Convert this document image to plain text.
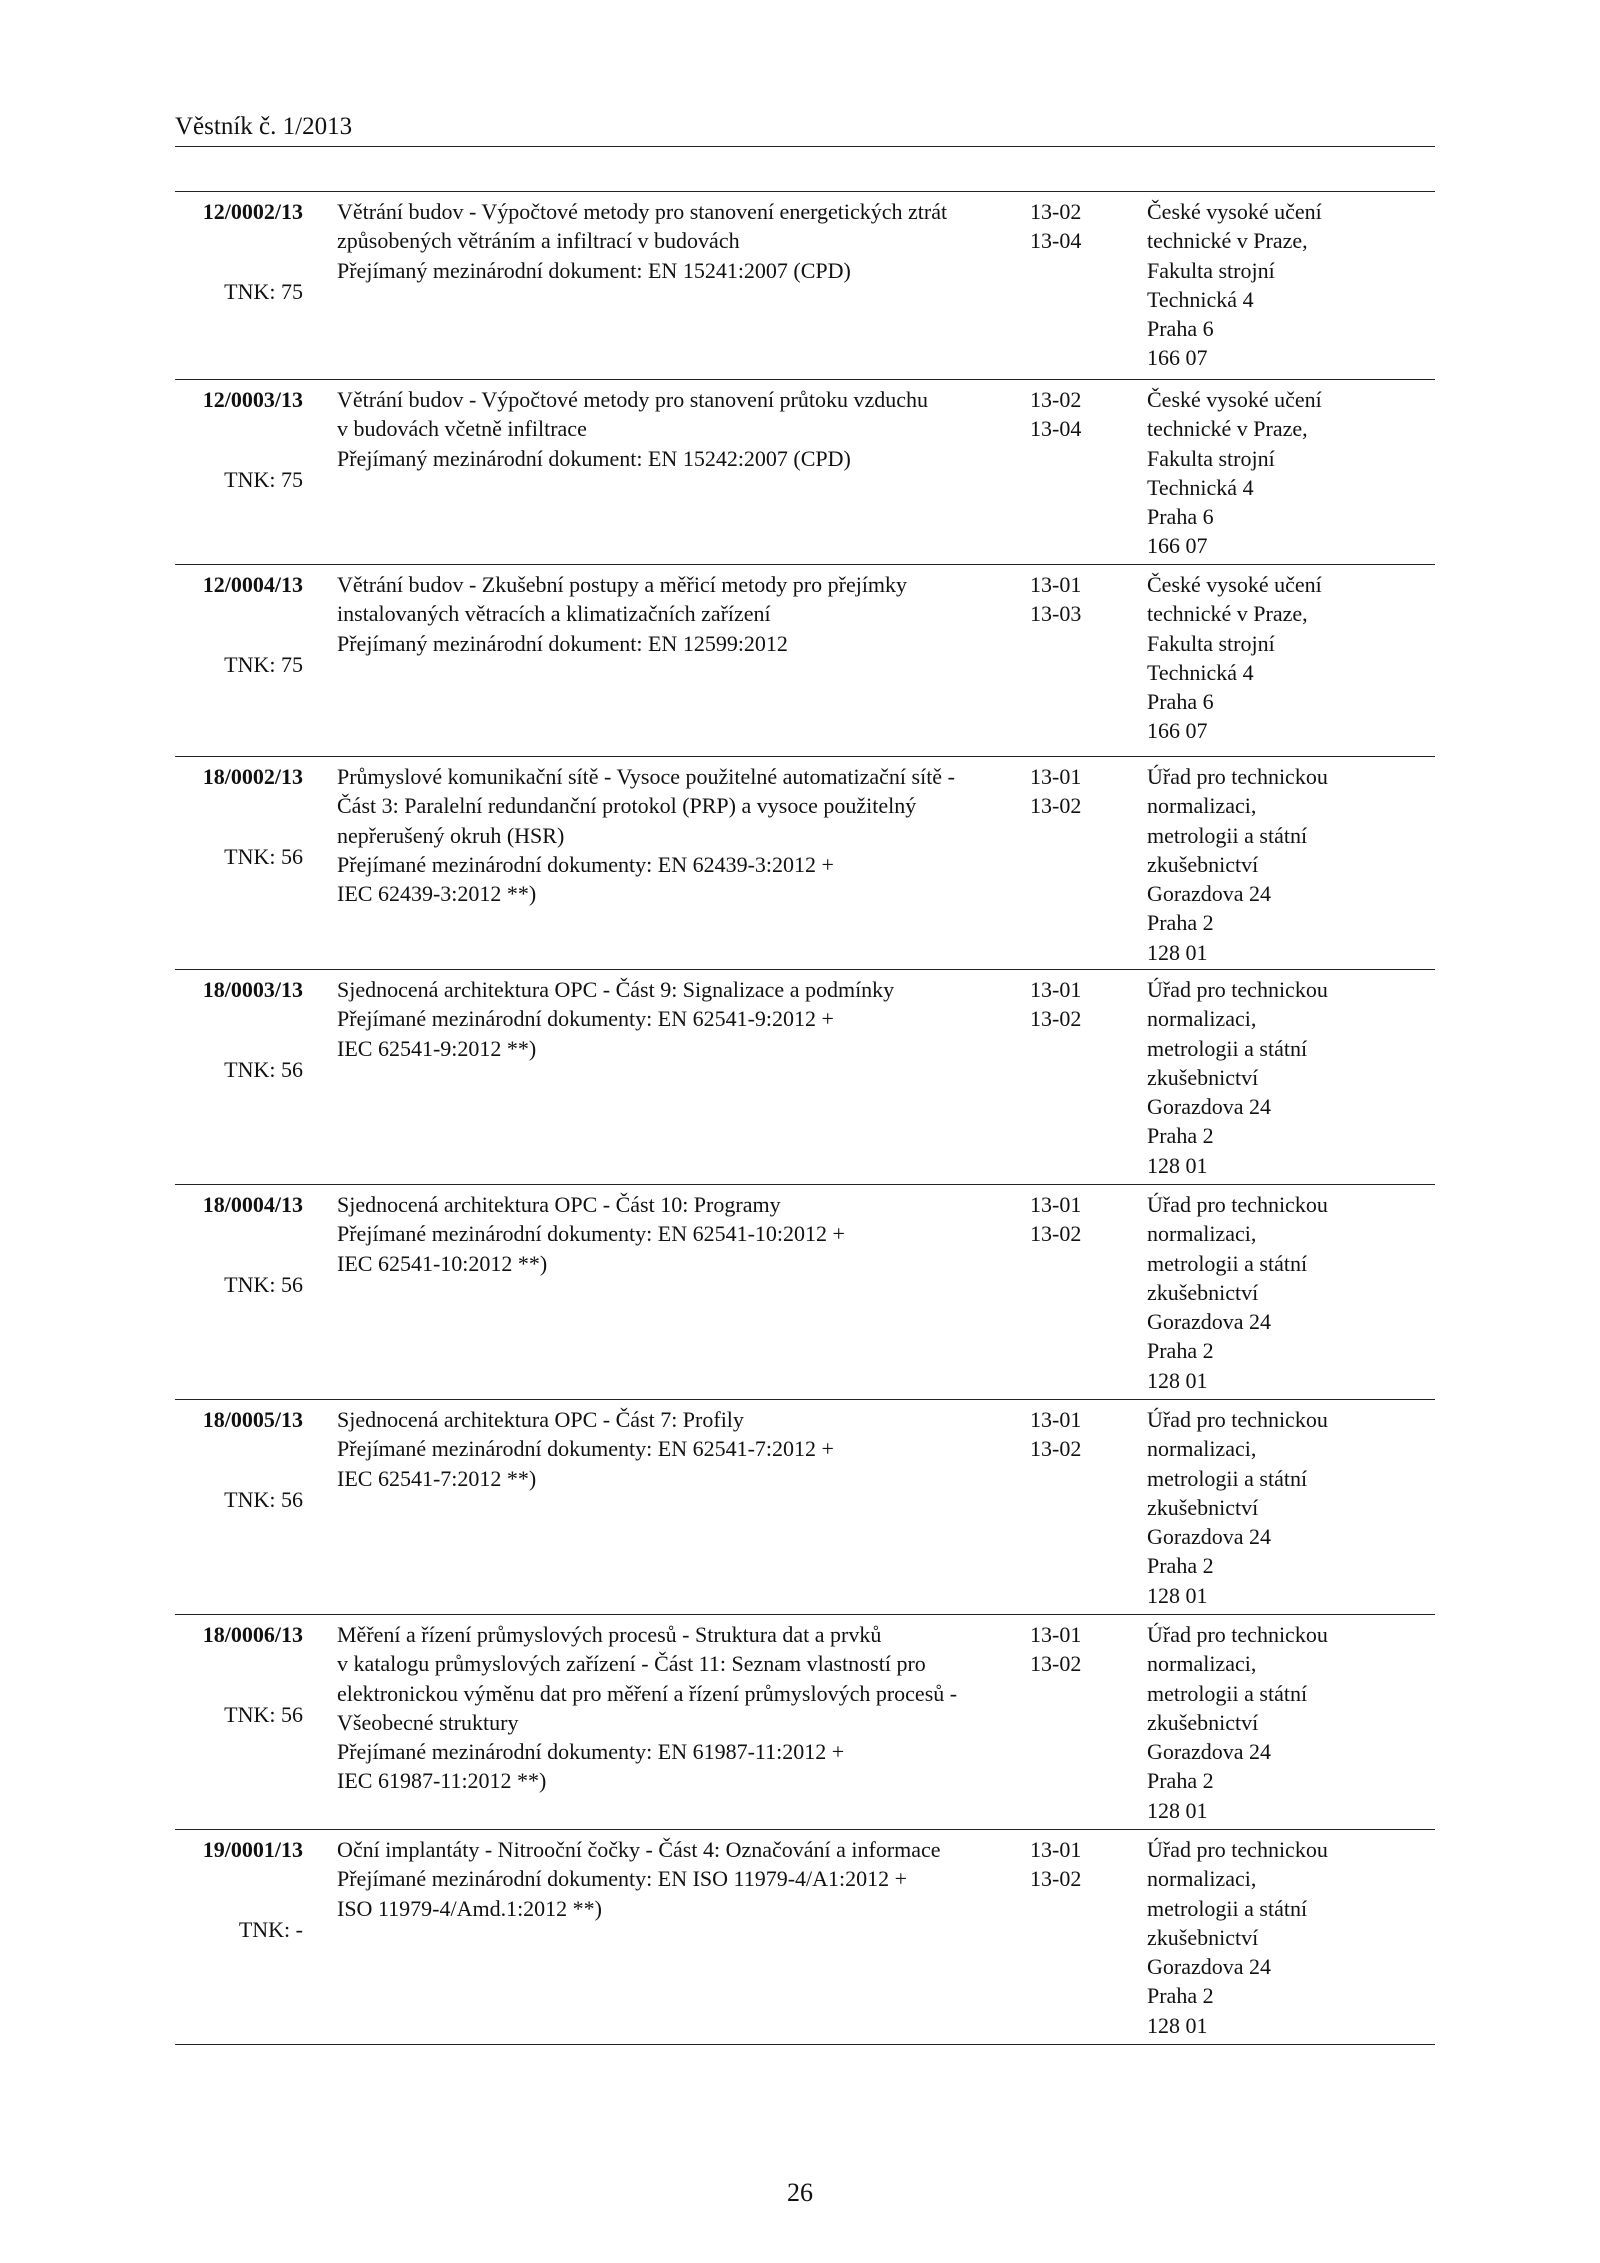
Věstník č. 1/2013
12/0002/13
TNK: 75
Větrání budov - Výpočtové metody pro stanovení energetických ztrát
způsobených větráním a infiltrací v budovách
Přejímaný mezinárodní dokument: EN 15241:2007 (CPD)
13-02
13-04
České vysoké učení
technické v Praze,
Fakulta strojní
Technická 4
Praha 6
166 07
12/0003/13
TNK: 75
Větrání budov - Výpočtové metody pro stanovení průtoku vzduchu
v budovách včetně infiltrace
Přejímaný mezinárodní dokument: EN 15242:2007 (CPD)
13-02
13-04
České vysoké učení
technické v Praze,
Fakulta strojní
Technická 4
Praha 6
166 07
12/0004/13
TNK: 75
Větrání budov - Zkušební postupy a měřicí metody pro přejímky
instalovaných větracích a klimatizačních zařízení
Přejímaný mezinárodní dokument: EN 12599:2012
13-01
13-03
České vysoké učení
technické v Praze,
Fakulta strojní
Technická 4
Praha 6
166 07
18/0002/13
TNK: 56
Průmyslové komunikační sítě - Vysoce použitelné automatizační sítě -
Část 3: Paralelní redundanční protokol (PRP) a vysoce použitelný
nepřerušený okruh (HSR)
Přejímané mezinárodní dokumenty: EN 62439-3:2012 +
IEC 62439-3:2012 **)
13-01
13-02
Úřad pro technickou
normalizaci,
metrologii a státní
zkušebnictví
Gorazdova 24
Praha 2
128 01
18/0003/13
TNK: 56
Sjednocená architektura OPC - Část 9: Signalizace a podmínky
Přejímané mezinárodní dokumenty: EN 62541-9:2012 +
IEC 62541-9:2012 **)
13-01
13-02
Úřad pro technickou
normalizaci,
metrologii a státní
zkušebnictví
Gorazdova 24
Praha 2
128 01
18/0004/13
TNK: 56
Sjednocená architektura OPC - Část 10: Programy
Přejímané mezinárodní dokumenty: EN 62541-10:2012 +
IEC 62541-10:2012 **)
13-01
13-02
Úřad pro technickou
normalizaci,
metrologii a státní
zkušebnictví
Gorazdova 24
Praha 2
128 01
18/0005/13
TNK: 56
Sjednocená architektura OPC - Část 7: Profily
Přejímané mezinárodní dokumenty: EN 62541-7:2012 +
IEC 62541-7:2012 **)
13-01
13-02
Úřad pro technickou
normalizaci,
metrologii a státní
zkušebnictví
Gorazdova 24
Praha 2
128 01
18/0006/13
TNK: 56
Měření a řízení průmyslových procesů - Struktura dat a prvků
v katalogu průmyslových zařízení - Část 11: Seznam vlastností pro
elektronickou výměnu dat pro měření a řízení průmyslových procesů -
Všeobecné struktury
Přejímané mezinárodní dokumenty: EN 61987-11:2012 +
IEC 61987-11:2012 **)
13-01
13-02
Úřad pro technickou
normalizaci,
metrologii a státní
zkušebnictví
Gorazdova 24
Praha 2
128 01
19/0001/13
TNK: -
Oční implantáty - Nitrooční čočky - Část 4: Označování a informace
Přejímané mezinárodní dokumenty: EN ISO 11979-4/A1:2012 +
ISO 11979-4/Amd.1:2012 **)
13-01
13-02
Úřad pro technickou
normalizaci,
metrologii a státní
zkušebnictví
Gorazdova 24
Praha 2
128 01
26
